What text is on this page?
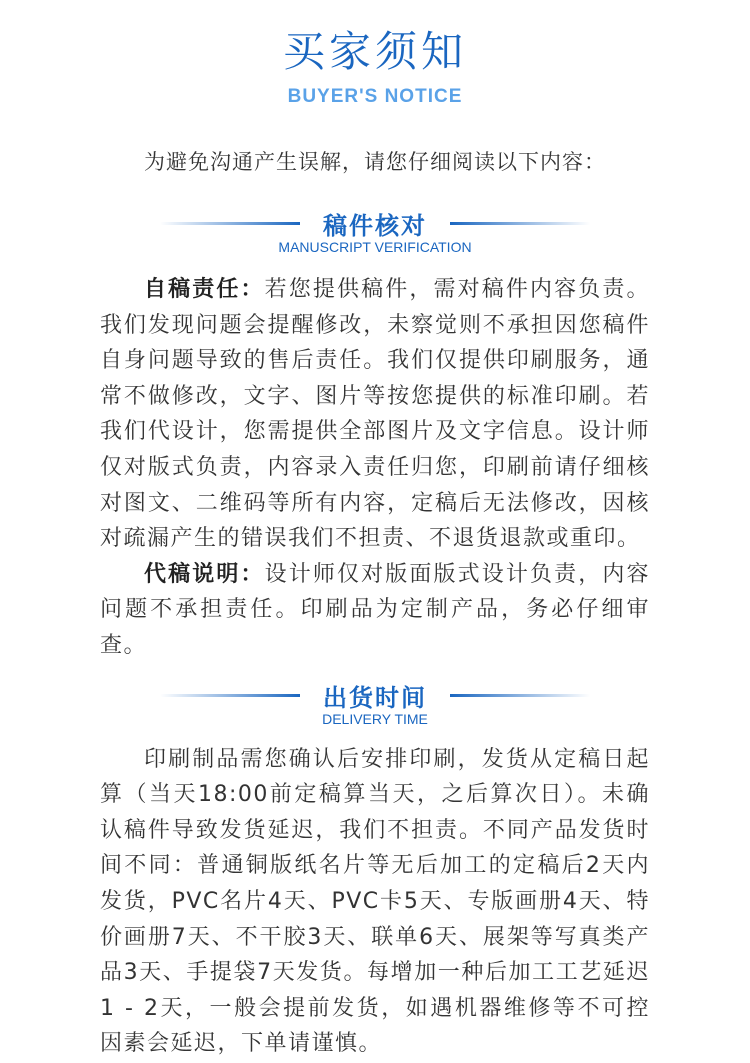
买家须知
BUYER'S NOTICE
为避免沟通产生误解，请您仔细阅读以下内容：
稿件核对
MANUSCRIPT VERIFICATION

自稿责任：若您提供稿件，需对稿件内容负责。我们发现问题会提醒修改，未察觉则不承担因您稿件自身问题导致的售后责任。我们仅提供印刷服务，通常不做修改，文字、图片等按您提供的标准印刷。若我们代设计，您需提供全部图片及文字信息。设计师仅对版式负责，内容录入责任归您，印刷前请仔细核对图文、二维码等所有内容，定稿后无法修改，因核对疏漏产生的错误我们不担责、不退货退款或重印。

代稿说明：设计师仅对版面版式设计负责，内容问题不承担责任。印刷品为定制产品，务必仔细审查。

出货时间
DELIVERY TIME

印刷制品需您确认后安排印刷，发货从定稿日起算（当天18:00前定稿算当天，之后算次日）。未确认稿件导致发货延迟，我们不担责。不同产品发货时间不同：普通铜版纸名片等无后加工的定稿后2天内发货，PVC名片4天、PVC卡5天、专版画册4天、特价画册7天、不干胶3天、联单6天、展架等写真类产品3天、手提袋7天发货。每增加一种后加工工艺延迟1 - 2天，一般会提前发货，如遇机器维修等不可控因素会延迟，下单请谨慎。
